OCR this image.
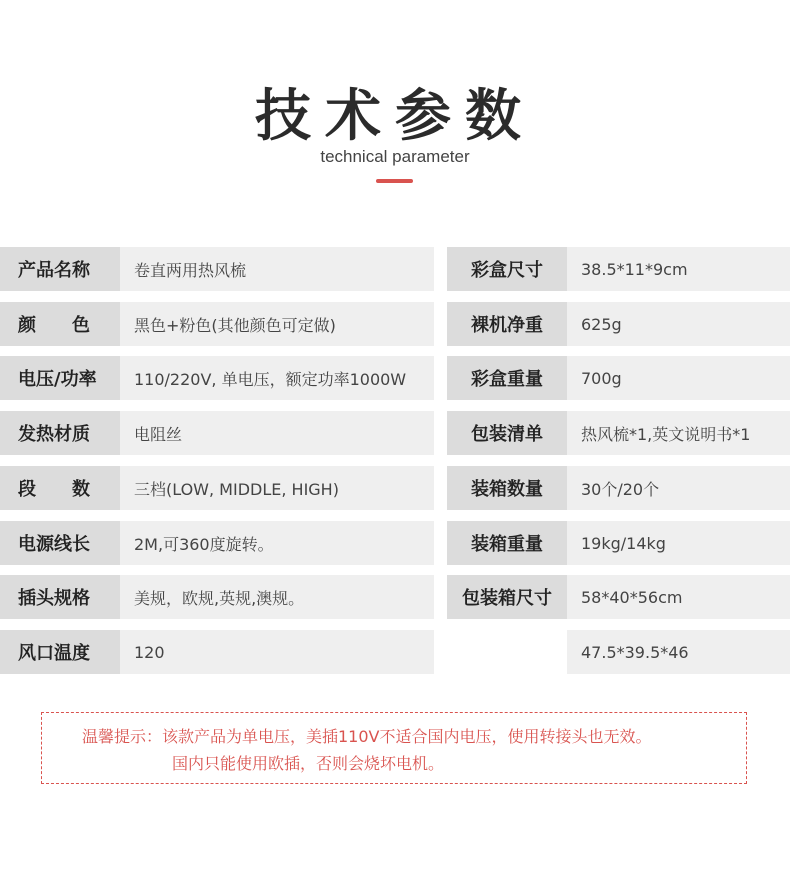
技术参数
technical parameter
产品名称	卷直两用热风梳
颜　　色	黑色+粉色(其他颜色可定做)
电压/功率	110/220V, 单电压，额定功率1000W
发热材质	电阻丝
段　　数	三档(LOW, MIDDLE, HIGH)
电源线长	2M,可360度旋转。
插头规格	美规，欧规,英规,澳规。
风口温度	120
彩盒尺寸	38.5*11*9cm
裸机净重	625g
彩盒重量	700g
包装清单	热风梳*1,英文说明书*1
装箱数量	30个/20个
装箱重量	19kg/14kg
包装箱尺寸	58*40*56cm
47.5*39.5*46
温馨提示：该款产品为单电压，美插110V不适合国内电压，使用转接头也无效。
国内只能使用欧插，否则会烧坏电机。
